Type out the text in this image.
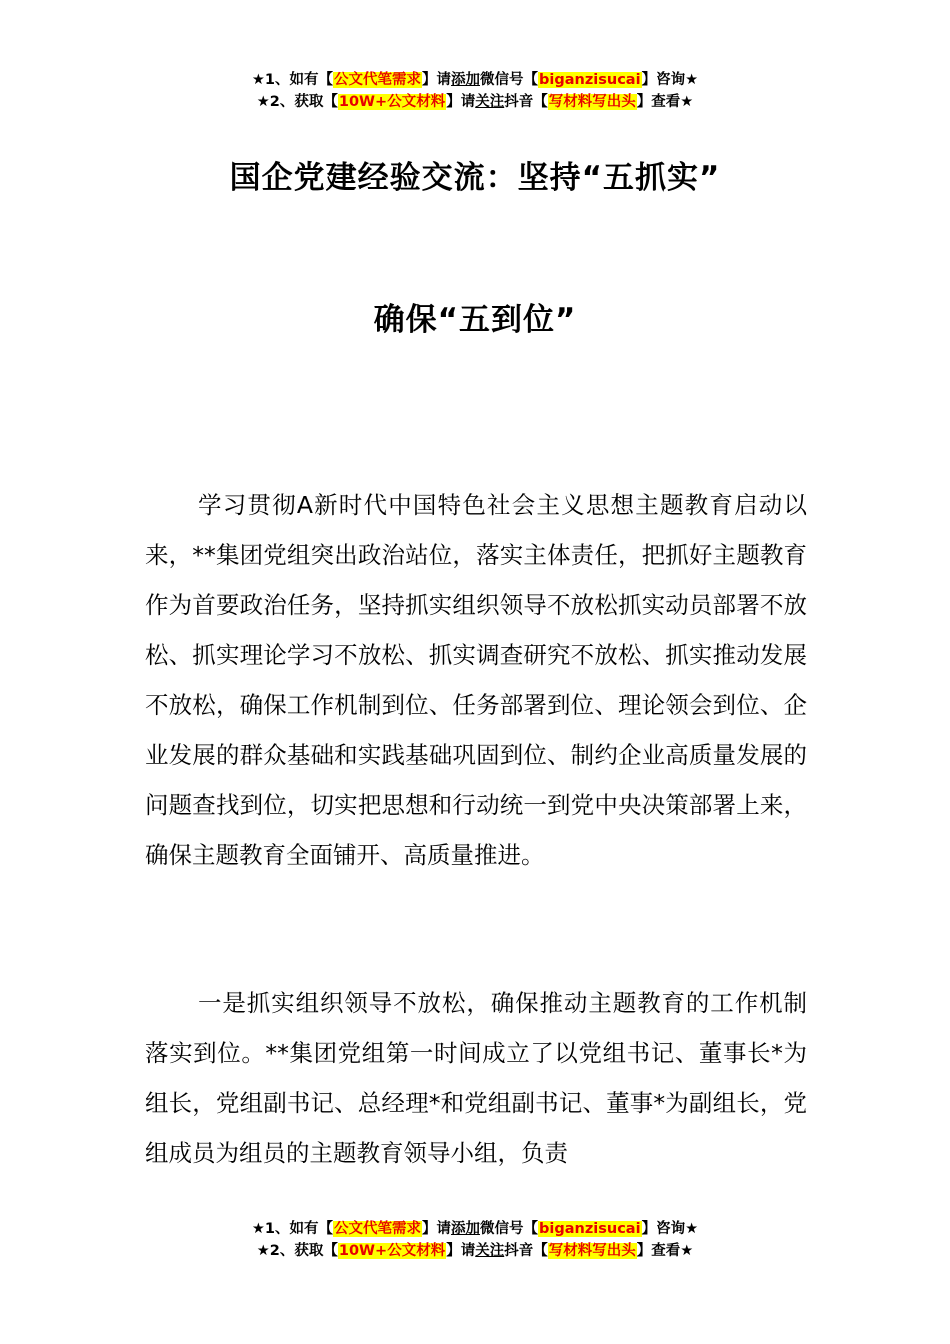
★1、如有【公文代笔需求】请添加微信号【biganzisucai】咨询★
★2、获取【10W+公文材料】请关注抖音【写材料写出头】查看★
国企党建经验交流：坚持“五抓实”
确保“五到位”

学习贯彻A新时代中国特色社会主义思想主题教育启动以来，**集团党组突出政治站位，落实主体责任，把抓好主题教育作为首要政治任务，坚持抓实组织领导不放松抓实动员部署不放松、抓实理论学习不放松、抓实调查研究不放松、抓实推动发展不放松，确保工作机制到位、任务部署到位、理论领会到位、企业发展的群众基础和实践基础巩固到位、制约企业高质量发展的问题查找到位，切实把思想和行动统一到党中央决策部署上来，确保主题教育全面铺开、高质量推进。

一是抓实组织领导不放松，确保推动主题教育的工作机制落实到位。**集团党组第一时间成立了以党组书记、董事长*为组长，党组副书记、总经理*和党组副书记、董事*为副组长，党组成员为组员的主题教育领导小组，负责

★1、如有【公文代笔需求】请添加微信号【biganzisucai】咨询★
★2、获取【10W+公文材料】请关注抖音【写材料写出头】查看★
